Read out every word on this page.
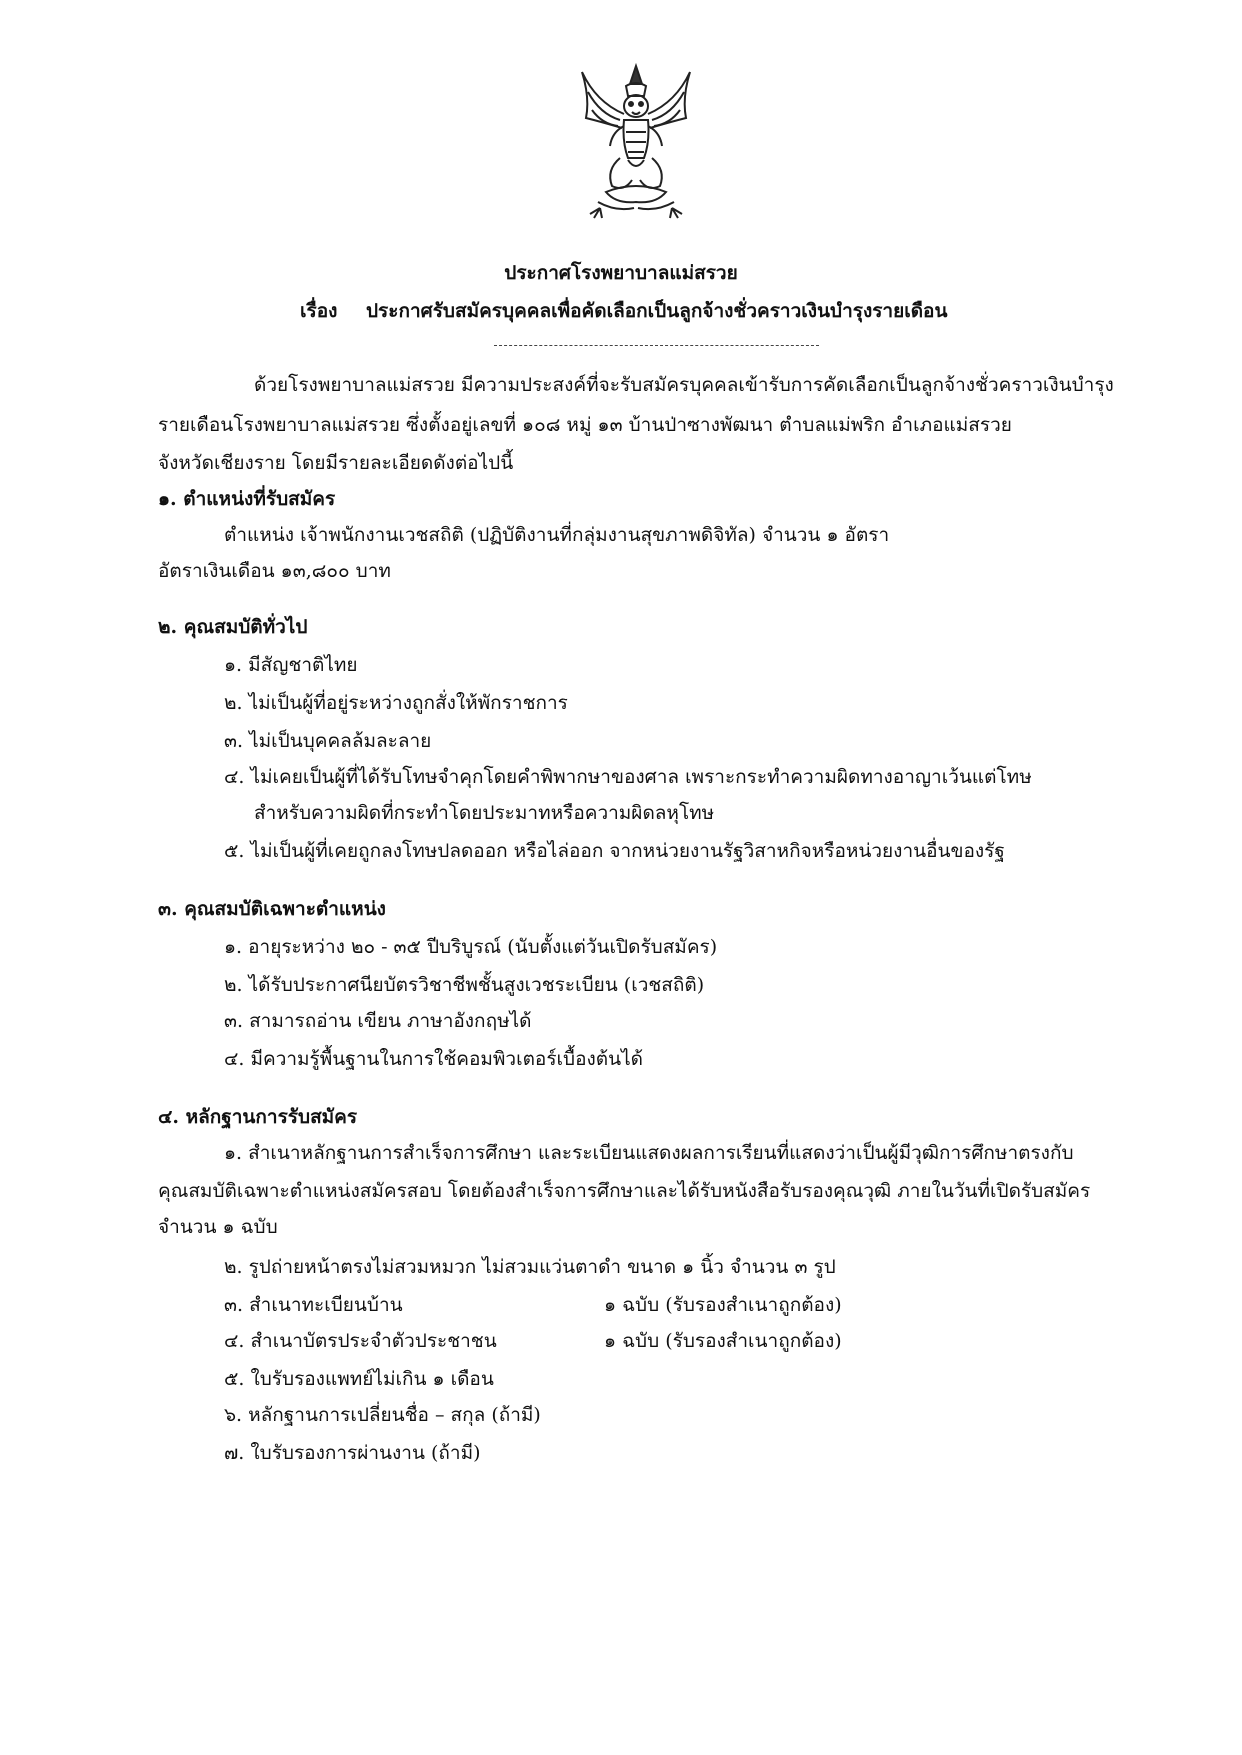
ประกาศโรงพยาบาลแม่สรวย
เรื่อง ประกาศรับสมัครบุคคลเพื่อคัดเลือกเป็นลูกจ้างชั่วคราวเงินบำรุงรายเดือน
ด้วยโรงพยาบาลแม่สรวย มีความประสงค์ที่จะรับสมัครบุคคลเข้ารับการคัดเลือกเป็นลูกจ้างชั่วคราวเงินบำรุง
รายเดือนโรงพยาบาลแม่สรวย ซึ่งตั้งอยู่เลขที่ ๑๐๘ หมู่ ๑๓ บ้านป่าซางพัฒนา ตำบลแม่พริก อำเภอแม่สรวย
จังหวัดเชียงราย โดยมีรายละเอียดดังต่อไปนี้
๑. ตำแหน่งที่รับสมัคร
ตำแหน่ง เจ้าพนักงานเวชสถิติ (ปฏิบัติงานที่กลุ่มงานสุขภาพดิจิทัล) จำนวน ๑ อัตรา
อัตราเงินเดือน ๑๓,๘๐๐ บาท
๒. คุณสมบัติทั่วไป
๑. มีสัญชาติไทย
๒. ไม่เป็นผู้ที่อยู่ระหว่างถูกสั่งให้พักราชการ
๓. ไม่เป็นบุคคลล้มละลาย
๔. ไม่เคยเป็นผู้ที่ได้รับโทษจำคุกโดยคำพิพากษาของศาล เพราะกระทำความผิดทางอาญาเว้นแต่โทษ
สำหรับความผิดที่กระทำโดยประมาทหรือความผิดลหุโทษ
๕. ไม่เป็นผู้ที่เคยถูกลงโทษปลดออก หรือไล่ออก จากหน่วยงานรัฐวิสาหกิจหรือหน่วยงานอื่นของรัฐ
๓. คุณสมบัติเฉพาะตำแหน่ง
๑. อายุระหว่าง ๒๐ - ๓๕ ปีบริบูรณ์ (นับตั้งแต่วันเปิดรับสมัคร)
๒. ได้รับประกาศนียบัตรวิชาชีพชั้นสูงเวชระเบียน (เวชสถิติ)
๓. สามารถอ่าน เขียน ภาษาอังกฤษได้
๔. มีความรู้พื้นฐานในการใช้คอมพิวเตอร์เบื้องต้นได้
๔. หลักฐานการรับสมัคร
๑. สำเนาหลักฐานการสำเร็จการศึกษา และระเบียนแสดงผลการเรียนที่แสดงว่าเป็นผู้มีวุฒิการศึกษาตรงกับ
คุณสมบัติเฉพาะตำแหน่งสมัครสอบ โดยต้องสำเร็จการศึกษาและได้รับหนังสือรับรองคุณวุฒิ ภายในวันที่เปิดรับสมัคร
จำนวน ๑ ฉบับ
๒. รูปถ่ายหน้าตรงไม่สวมหมวก ไม่สวมแว่นตาดำ ขนาด ๑ นิ้ว จำนวน ๓ รูป
๓. สำเนาทะเบียนบ้าน	๑ ฉบับ (รับรองสำเนาถูกต้อง)
๔. สำเนาบัตรประจำตัวประชาชน	๑ ฉบับ (รับรองสำเนาถูกต้อง)
๕. ใบรับรองแพทย์ไม่เกิน ๑ เดือน
๖. หลักฐานการเปลี่ยนชื่อ – สกุล (ถ้ามี)
๗. ใบรับรองการผ่านงาน (ถ้ามี)
